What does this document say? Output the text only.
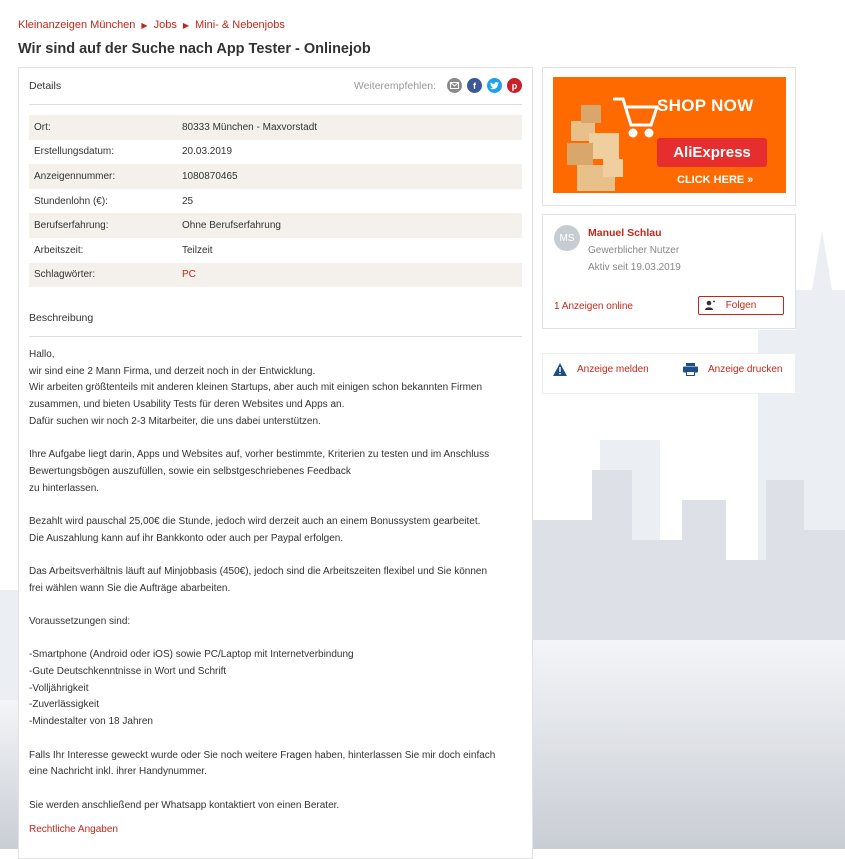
Kleinanzeigen München ▶ Jobs ▶ Mini- & Nebenjobs
Wir sind auf der Suche nach App Tester - Onlinejob
Details	Weiterempfehlen:	f	p
Ort:	80333 München - Maxvorstadt
Erstellungsdatum:	20.03.2019
Anzeigennummer:	1080870465
Stundenlohn (€):	25
Berufserfahrung:	Ohne Berufserfahrung
Arbeitszeit:	Teilzeit
Schlagwörter:	PC
Beschreibung
Hallo,
wir sind eine 2 Mann Firma, und derzeit noch in der Entwicklung.
Wir arbeiten größtenteils mit anderen kleinen Startups, aber auch mit einigen schon bekannten Firmen
zusammen, und bieten Usability Tests für deren Websites und Apps an.
Dafür suchen wir noch 2-3 Mitarbeiter, die uns dabei unterstützen.
Ihre Aufgabe liegt darin, Apps und Websites auf, vorher bestimmte, Kriterien zu testen und im Anschluss
Bewertungsbögen auszufüllen, sowie ein selbstgeschriebenes Feedback
zu hinterlassen.
Bezahlt wird pauschal 25,00€ die Stunde, jedoch wird derzeit auch an einem Bonussystem gearbeitet.
Die Auszahlung kann auf ihr Bankkonto oder auch per Paypal erfolgen.
Das Arbeitsverhältnis läuft auf Minjobbasis (450€), jedoch sind die Arbeitszeiten flexibel und Sie können
frei wählen wann Sie die Aufträge abarbeiten.
Voraussetzungen sind:
-Smartphone (Android oder iOS) sowie PC/Laptop mit Internetverbindung
-Gute Deutschkenntnisse in Wort und Schrift
-Volljährigkeit
-Zuverlässigkeit
-Mindestalter von 18 Jahren
Falls Ihr Interesse geweckt wurde oder Sie noch weitere Fragen haben, hinterlassen Sie mir doch einfach
eine Nachricht inkl. ihrer Handynummer.
Sie werden anschließend per Whatsapp kontaktiert von einen Berater.
Rechtliche Angaben
SHOP NOW
AliExpress
CLICK HERE »
MS	Manuel Schlau
Gewerblicher Nutzer
Aktiv seit 19.03.2019
1 Anzeigen online	Folgen
Anzeige melden	Anzeige drucken
